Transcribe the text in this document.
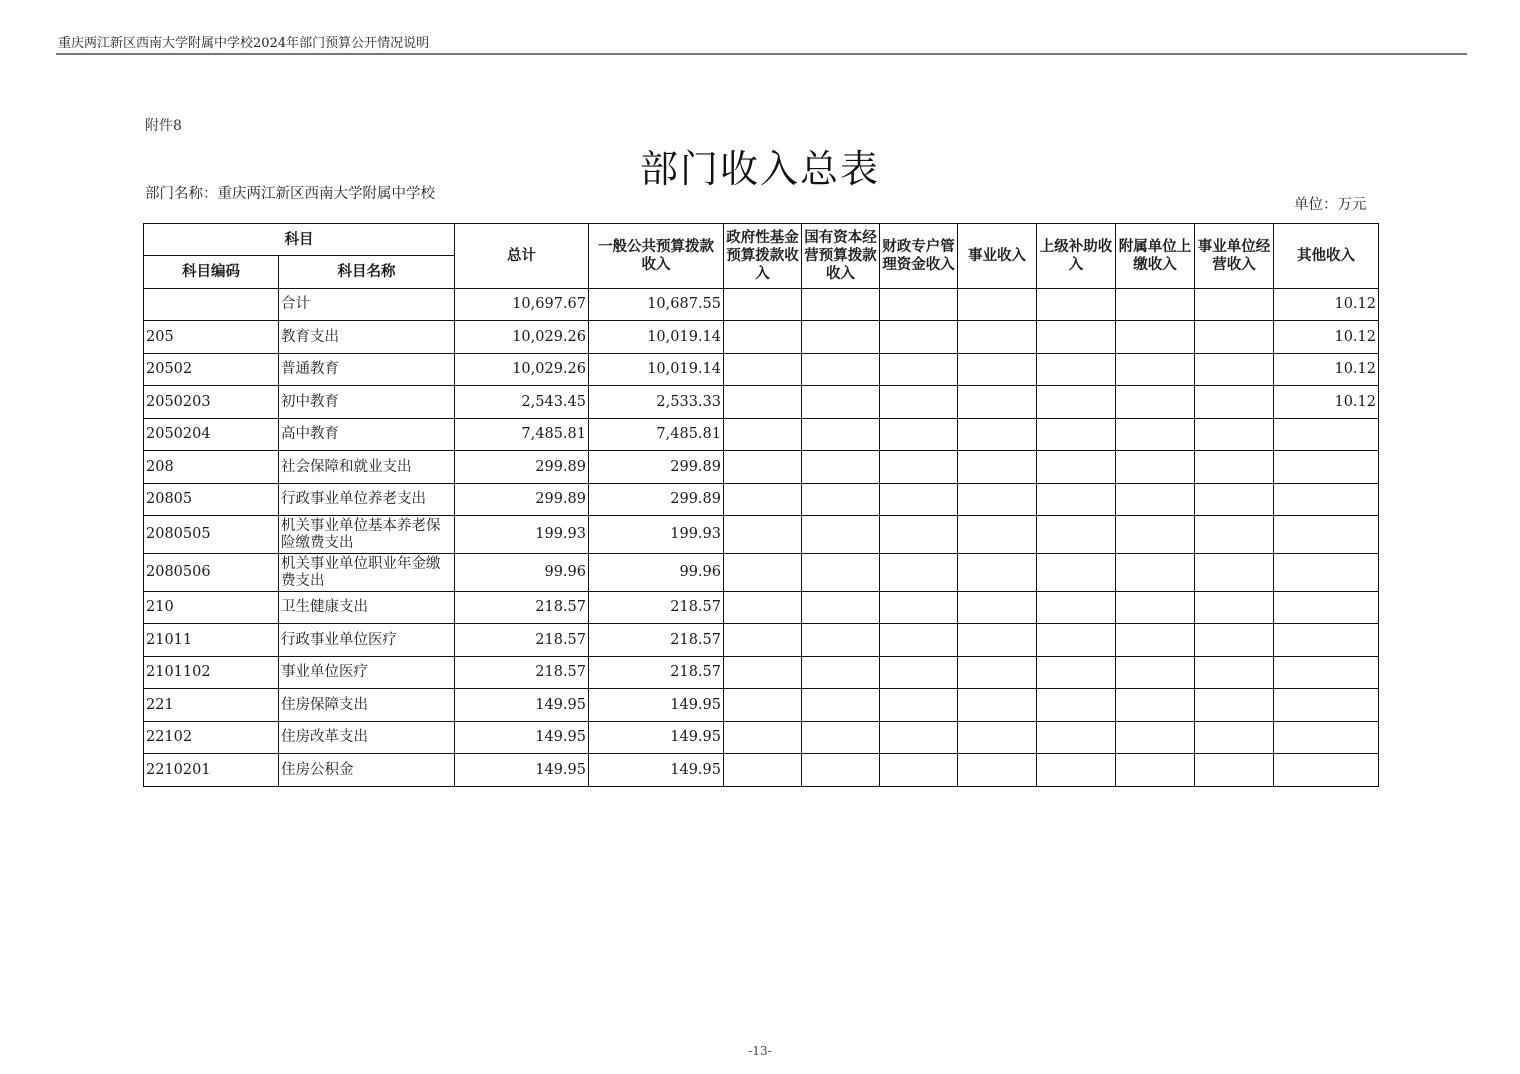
重庆两江新区西南大学附属中学校2024年部门预算公开情况说明
附件8
部门收入总表
部门名称：重庆两江新区西南大学附属中学校
单位：万元
科目		总计	一般公共预算拨款收入	政府性基金预算拨款收入	国有资本经营预算拨款收入	财政专户管理资金收入	事业收入	上级补助收入	附属单位上缴收入	事业单位经营收入	其他收入
科目编码	科目名称										
	合计	10,697.67	10,687.55								10.12
205	教育支出	10,029.26	10,019.14								10.12
20502	普通教育	10,029.26	10,019.14								10.12
2050203	初中教育	2,543.45	2,533.33								10.12
2050204	高中教育	7,485.81	7,485.81								
208	社会保障和就业支出	299.89	299.89								
20805	行政事业单位养老支出	299.89	299.89								
2080505	机关事业单位基本养老保险缴费支出	199.93	199.93								
2080506	机关事业单位职业年金缴费支出	99.96	99.96								
210	卫生健康支出	218.57	218.57								
21011	行政事业单位医疗	218.57	218.57								
2101102	事业单位医疗	218.57	218.57								
221	住房保障支出	149.95	149.95								
22102	住房改革支出	149.95	149.95								
2210201	住房公积金	149.95	149.95								
-13-
